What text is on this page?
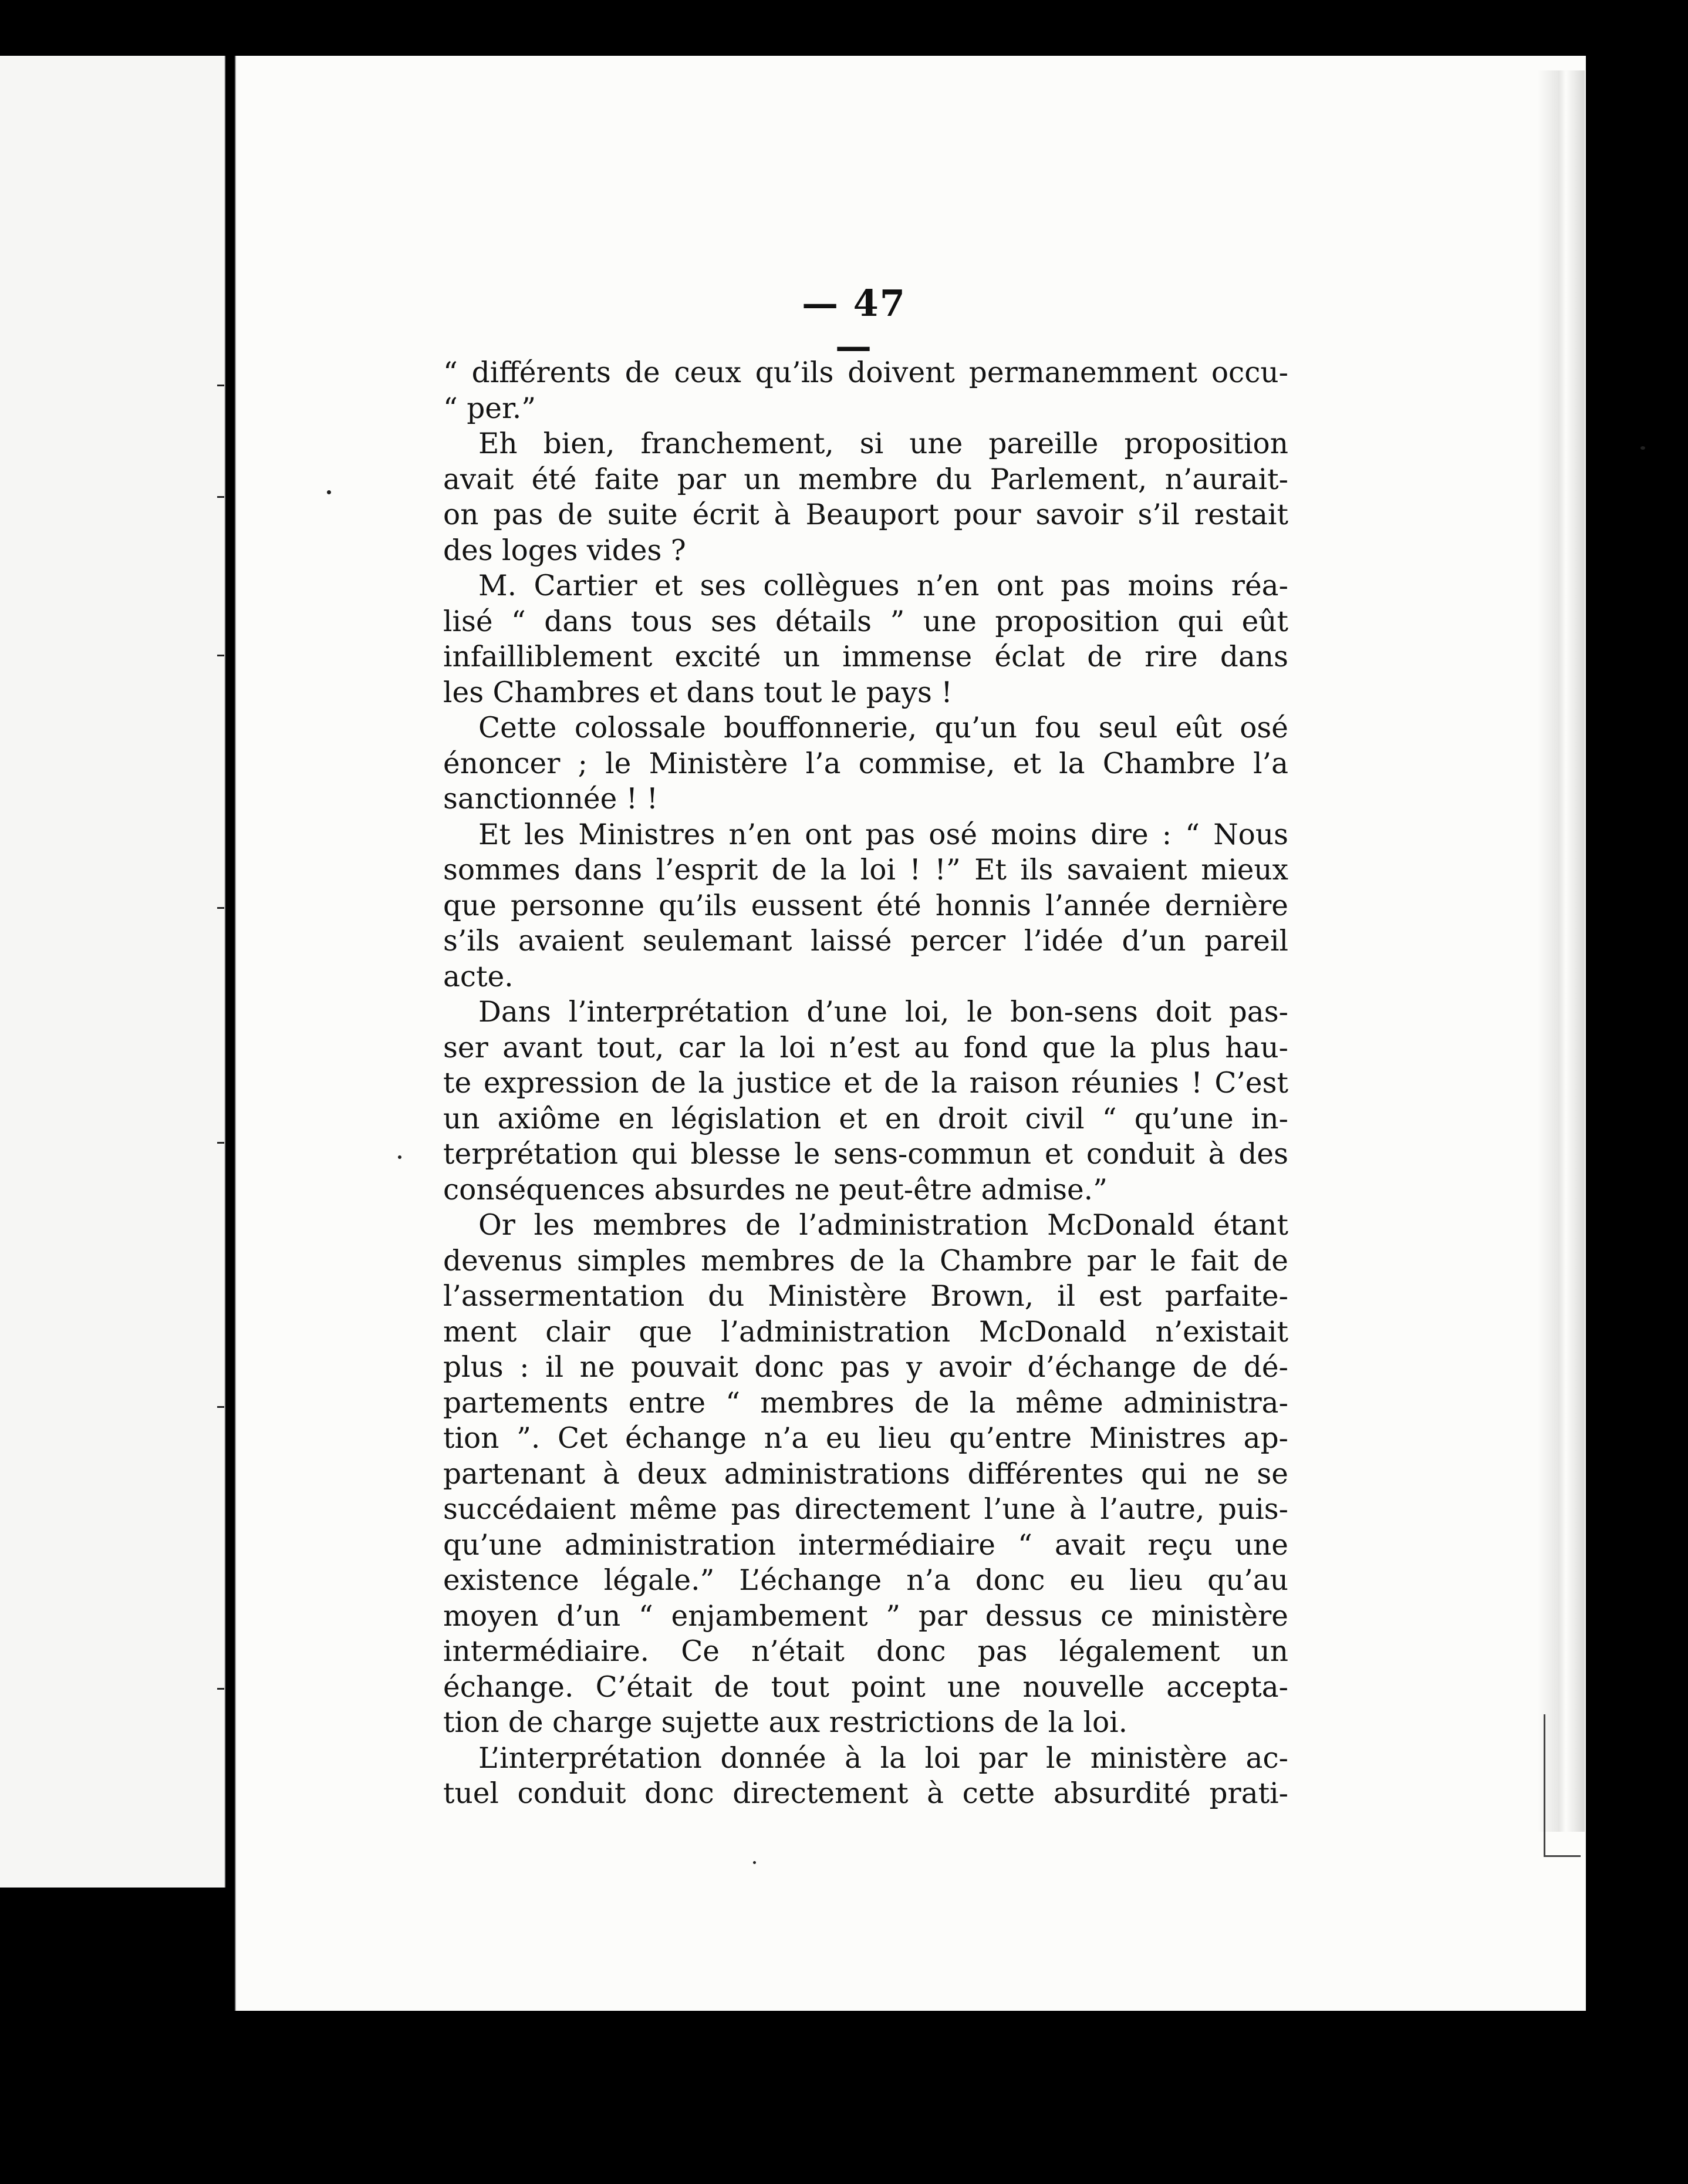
— 47 —
“ différents de ceux qu’ils doivent permanemment occu-
“ per.”
Eh bien, franchement, si une pareille proposition
avait été faite par un membre du Parlement, n’aurait-
on pas de suite écrit à Beauport pour savoir s’il restait
des loges vides ?
M. Cartier et ses collègues n’en ont pas moins réa-
lisé “ dans tous ses détails ” une proposition qui eût
infailliblement excité un immense éclat de rire dans
les Chambres et dans tout le pays !
Cette colossale bouffonnerie, qu’un fou seul eût osé
énoncer ; le Ministère l’a commise, et la Chambre l’a
sanctionnée ! !
Et les Ministres n’en ont pas osé moins dire : “ Nous
sommes dans l’esprit de la loi ! !” Et ils savaient mieux
que personne qu’ils eussent été honnis l’année dernière
s’ils avaient seulemant laissé percer l’idée d’un pareil
acte.
Dans l’interprétation d’une loi, le bon-sens doit pas-
ser avant tout, car la loi n’est au fond que la plus hau-
te expression de la justice et de la raison réunies ! C’est
un axiôme en législation et en droit civil “ qu’une in-
terprétation qui blesse le sens-commun et conduit à des
conséquences absurdes ne peut-être admise.”
Or les membres de l’administration McDonald étant
devenus simples membres de la Chambre par le fait de
l’assermentation du Ministère Brown, il est parfaite-
ment clair que l’administration McDonald n’existait
plus : il ne pouvait donc pas y avoir d’échange de dé-
partements entre “ membres de la même administra-
tion ”. Cet échange n’a eu lieu qu’entre Ministres ap-
partenant à deux administrations différentes qui ne se
succédaient même pas directement l’une à l’autre, puis-
qu’une administration intermédiaire “ avait reçu une
existence légale.” L’échange n’a donc eu lieu qu’au
moyen d’un “ enjambement ” par dessus ce ministère
intermédiaire. Ce n’était donc pas légalement un
échange. C’était de tout point une nouvelle accepta-
tion de charge sujette aux restrictions de la loi.
L’interprétation donnée à la loi par le ministère ac-
tuel conduit donc directement à cette absurdité prati-
